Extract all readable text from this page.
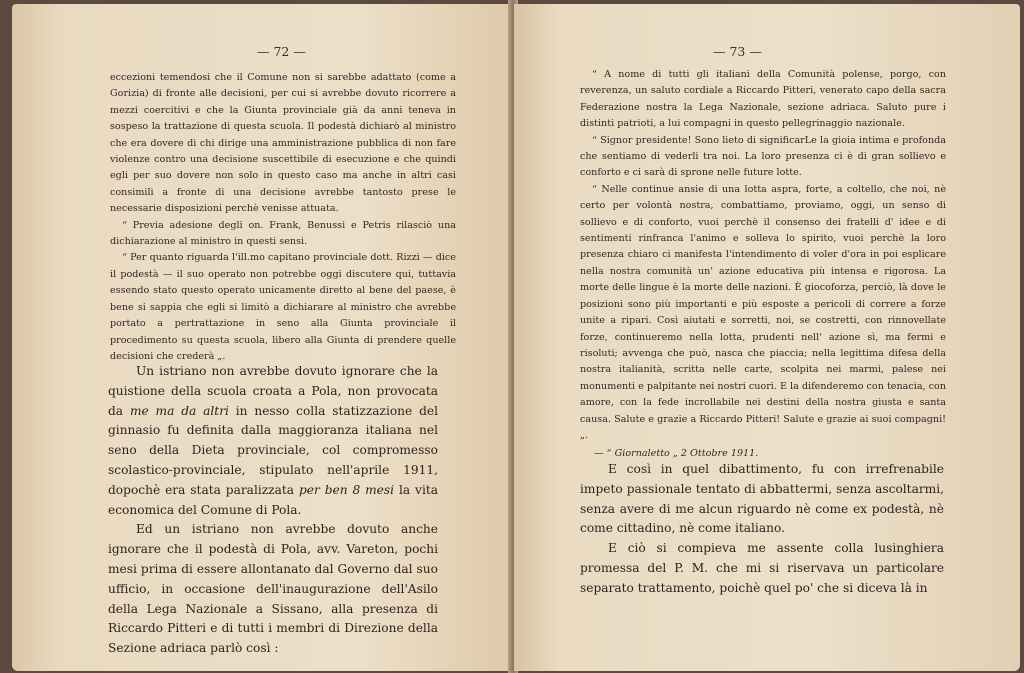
— 72 —

eccezioni temendosi che il Comune non si sarebbe adattato (come a Gorizia) di fronte alle decisioni, per cui si avrebbe dovuto ricorrere a mezzi coercitivi e che la Giunta provinciale già da anni teneva in sospeso la trattazione di questa scuola. Il podestà dichiarò al ministro che era dovere di chi dirige una amministrazione pubblica di non fare violenze contro una decisione suscettibile di esecuzione e che quindi egli per suo dovere non solo in questo caso ma anche in altri casi consimili a fronte di una decisione avrebbe tantosto prese le necessarie disposizioni perchè venisse attuata.

“ Previa adesione degli on. Frank, Benussi e Petris rilasciò una dichiarazione al ministro in questi sensi.

“ Per quanto riguarda l'ill.mo capitano provinciale dott. Rizzi — dice il podestà — il suo operato non potrebbe oggi discutere qui, tuttavia essendo stato questo operato unicamente diretto al bene del paese, è bene si sappia che egli si limitò a dichiarare al ministro che avrebbe portato a pertrattazione in seno alla Giunta provinciale il procedimento su questa scuola, libero alla Giunta di prendere quelle decisioni che crederà „.

Un istriano non avrebbe dovuto ignorare che la quistione della scuola croata a Pola, non provocata da me ma da altri in nesso colla statizzazione del ginnasio fu definita dalla maggioranza italiana nel seno della Dieta provinciale, col compromesso scolastico-provinciale, stipulato nell'aprile 1911, dopochè era stata paralizzata per ben 8 mesi la vita economica del Comune di Pola.

Ed un istriano non avrebbe dovuto anche ignorare che il podestà di Pola, avv. Vareton, pochi mesi prima di essere allontanato dal Governo dal suo ufficio, in occasione dell'inaugurazione dell'Asilo della Lega Nazionale a Sissano, alla presenza di Riccardo Pitteri e di tutti i membri di Direzione della Sezione adriaca parlò così :

— 73 —

“ A nome di tutti gli italiani della Comunità polense, porgo, con reverenza, un saluto cordiale a Riccardo Pitteri, venerato capo della sacra Federazione nostra la Lega Nazionale, sezione adriaca. Saluto pure i distinti patrioti, a lui compagni in questo pellegrinaggio nazionale.

“ Signor presidente! Sono lieto di significarLe la gioia intima e profonda che sentiamo di vederli tra noi. La loro presenza ci è di gran sollievo e conforto e ci sarà di sprone nelle future lotte.

“ Nelle continue ansie di una lotta aspra, forte, a coltello, che noi, nè certo per volontà nostra, combattiamo, proviamo, oggi, un senso di sollievo e di conforto, vuoi perchè il consenso dei fratelli d' idee e di sentimenti rinfranca l'animo e solleva lo spirito, vuoi perchè la loro presenza chiaro ci manifesta l'intendimento di voler d'ora in poi esplicare nella nostra comunità un' azione educativa più intensa e rigorosa. La morte delle lingue è la morte delle nazioni. È giocoforza, perciò, là dove le posizioni sono più importanti e più esposte a pericoli di correre a forze unite a ripari. Così aiutati e sorretti, noi, se costretti, con rinnovellate forze, continueremo nella lotta, prudenti nell' azione sì, ma fermi e risoluti; avvenga che può, nasca che piaccia; nella legittima difesa della nostra italianità, scritta nelle carte, scolpita nei marmi, palese nei monumenti e palpitante nei nostri cuori. E la difenderemo con tenacia, con amore, con la fede incrollabile nei destini della nostra giusta e santa causa. Salute e grazie a Riccardo Pitteri! Salute e grazie ai suoi compagni! „.

— “ Giornaletto „ 2 Ottobre 1911.

E così in quel dibattimento, fu con irrefrenabile impeto passionale tentato di abbattermi, senza ascoltarmi, senza avere di me alcun riguardo nè come ex podestà, nè come cittadino, nè come italiano.

E ciò si compieva me assente colla lusinghiera promessa del P. M. che mi si riservava un particolare separato trattamento, poichè quel po' che si diceva là in
